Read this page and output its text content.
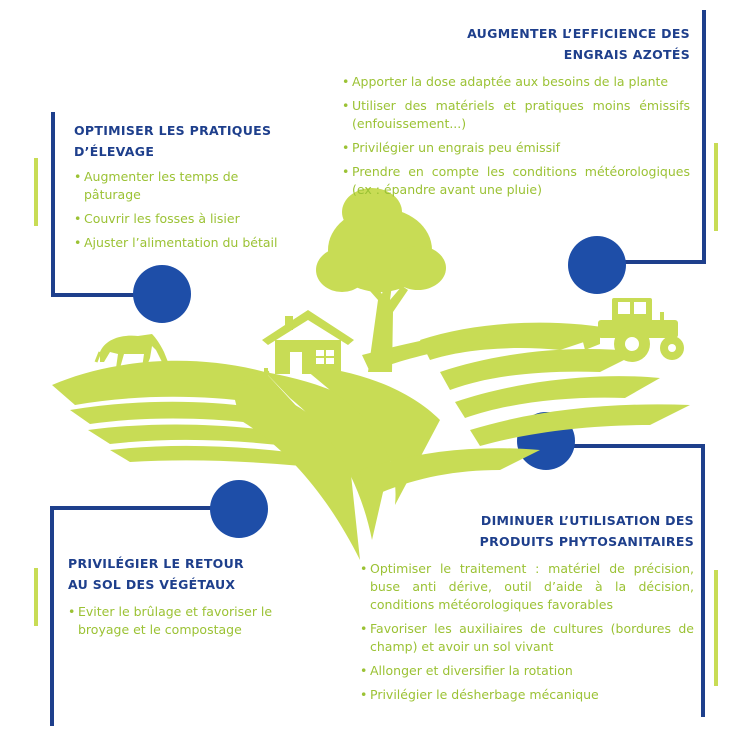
OPTIMISER LES PRATIQUES
D’ÉLEVAGE
• Augmenter les temps de pâturage
• Couvrir les fosses à lisier
• Ajuster l’alimentation du bétail
AUGMENTER L’EFFICIENCE DES
ENGRAIS AZOTÉS
• Apporter la dose adaptée aux besoins de la plante
• Utiliser des matériels et pratiques moins émissifs (enfouissement...)
• Privilégier un engrais peu émissif
• Prendre en compte les conditions météorologiques (ex : épandre avant une pluie)
PRIVILÉGIER LE RETOUR
AU SOL DES VÉGÉTAUX
• Eviter le brûlage et favoriser le broyage et le compostage
DIMINUER L’UTILISATION DES
PRODUITS PHYTOSANITAIRES
• Optimiser le traitement : matériel de précision, buse anti dérive, outil d’aide à la décision, conditions météorologiques favorables
• Favoriser les auxiliaires de cultures (bordures de champ) et avoir un sol vivant
• Allonger et diversifier la rotation
• Privilégier le désherbage mécanique
